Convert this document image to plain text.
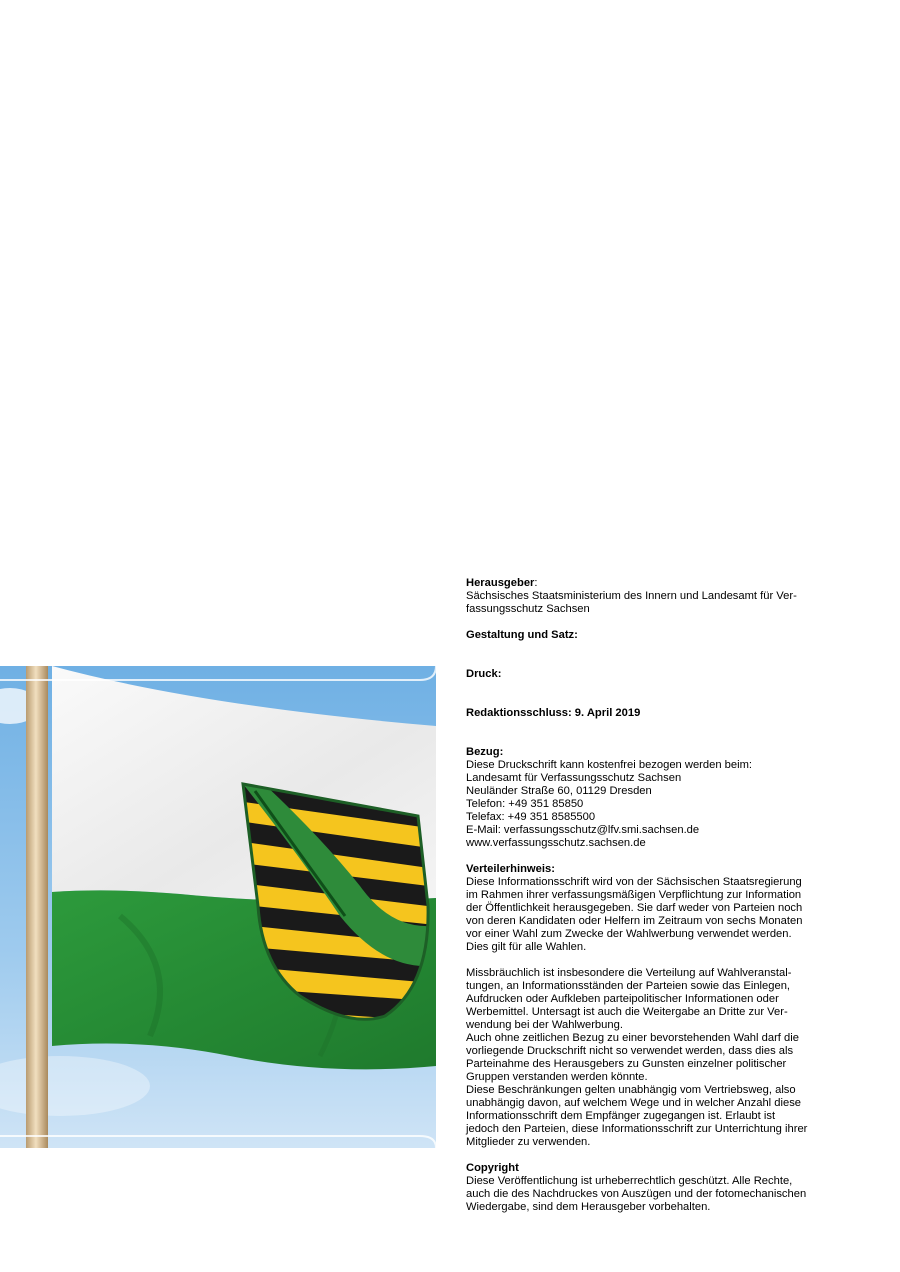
Herausgeber:
Sächsisches Staatsministerium des Innern und Landesamt für Ver-
fassungsschutz Sachsen
Gestaltung und Satz:
Druck:
Redaktionsschluss: 9. April 2019
Bezug:
Diese Druckschrift kann kostenfrei bezogen werden beim:
Landesamt für Verfassungsschutz Sachsen
Neuländer Straße 60, 01129 Dresden
Telefon: +49 351 85850
Telefax: +49 351 8585500
E-Mail: verfassungsschutz@lfv.smi.sachsen.de
www.verfassungsschutz.sachsen.de
Verteilerhinweis:
Diese Informationsschrift wird von der Sächsischen Staatsregierung
im Rahmen ihrer verfassungsmäßigen Verpflichtung zur Information
der Öffentlichkeit herausgegeben. Sie darf weder von Parteien noch
von deren Kandidaten oder Helfern im Zeitraum von sechs Monaten
vor einer Wahl zum Zwecke der Wahlwerbung verwendet werden.
Dies gilt für alle Wahlen.
Missbräuchlich ist insbesondere die Verteilung auf Wahlveranstal-
tungen, an Informationsständen der Parteien sowie das Einlegen,
Aufdrucken oder Aufkleben parteipolitischer Informationen oder
Werbemittel. Untersagt ist auch die Weitergabe an Dritte zur Ver-
wendung bei der Wahlwerbung.
Auch ohne zeitlichen Bezug zu einer bevorstehenden Wahl darf die
vorliegende Druckschrift nicht so verwendet werden, dass dies als
Parteinahme des Herausgebers zu Gunsten einzelner politischer
Gruppen verstanden werden könnte.
Diese Beschränkungen gelten unabhängig vom Vertriebsweg, also
unabhängig davon, auf welchem Wege und in welcher Anzahl diese
Informationsschrift dem Empfänger zugegangen ist. Erlaubt ist
jedoch den Parteien, diese Informationsschrift zur Unterrichtung ihrer
Mitglieder zu verwenden.
Copyright
Diese Veröffentlichung ist urheberrechtlich geschützt. Alle Rechte,
auch die des Nachdruckes von Auszügen und der fotomechanischen
Wiedergabe, sind dem Herausgeber vorbehalten.
